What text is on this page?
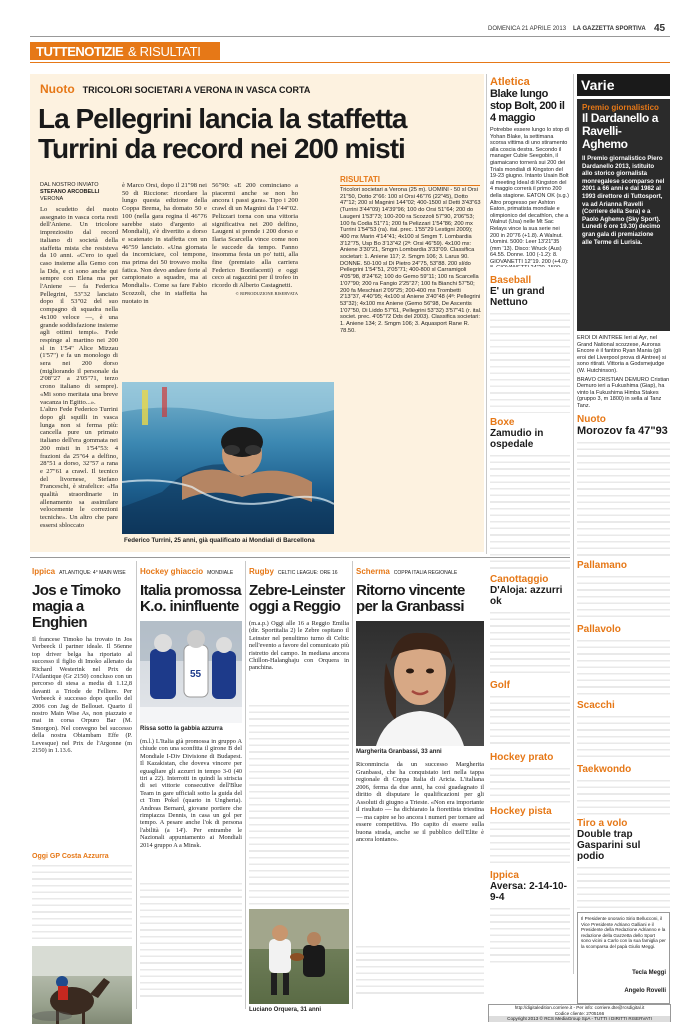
DOMENICA 21 APRILE 2013 LA GAZZETTA SPORTIVA 45
TUTTENOTIZIE & RISULTATI
Nuoto TRICOLORI SOCIETARI A VERONA IN VASCA CORTA
La Pellegrini lancia la staffetta
Turrini da record nei 200 misti
DAL NOSTRO INVIATO
STEFANO ARCOBELLI
VERONA
Lo scudetto del nuoto assegnato in vasca corta resti dell'Aniene. Un tricolore impreziosito dal record italiano di società della staffetta mista che resisteva da 10 anni. «C'ero io quel caso insieme alla Gemo con la Dds, e ci sono anche qui sempre con Elena ma per l'Aniene — fa Federica Pellegrini, 53"32 lanciato dopo il 53"02 del suo compagno di squadra nella 4x100 veloce —, è una grande soddisfazione insieme agli ottimi tempi». Fede respinge al martino nei 200 sl in 1'54" Alice Mizzau (1'57") e fa un monologo di sera nei 200 dorso (migliorando il personale da 2'08"27 a 2'05"71, terzo crono italiano di sempre). «Mi sono meritata una breve vacanza in Egitto...».
L'altro Fede Federico Turrini dopo gli squilli in vasca lunga non si ferma più: cancella pure un primato italiano dell'era gommata nei 200 misti in 1'54"53: 4 frazioni da 25"64 a delfino, 28"51 a dorso, 32"57 a rana e 27"61 a crawl. Il tecnico del livornese, Stefano Franceschi, è strafelice: «Ha qualità straordinarie in allenamento sa assimilare velocemente le correzioni tecniche». Un altro che pare essersi sbloccato
è Marco Orsi, dopo il 21"98 nei 50 di Riccione: ricordare la lungo questa edizione della Coppa Brema, ha domato 50 e 100 (nella gara regina il 46"76 sarebbe stato d'argento ai Mondiali), s'è divertito a dorso e scatenato in staffetta con un 46"59 lanciato. «Una giornata da incorniciare, col tempone, ma prima dei 50 trovavo molta fatica. Non devo andare forte al campionato a squadre, ma ai Mondiali». Come sa fare Fabio Scozzoli, che in staffetta ha nuotato in
56"90: «E 200 cominciano a piacermi anche se non ho ancora i passi gara». Tipo i 200 crawl di un Magnini da 1'44"02. Pelizzari torna con una vittoria significativa nei 200 delfino, Laugeni si prende i 200 dorso e Ilaria Scarcella vince come non le succede da tempo. Fanno insomma festa un po' tutti, alla fine (premiato alla carriera Federico Bonifacenti) e oggi ceco ai ragazzini per il trofeo in ricordo di Alberto Castagnetti.
© RIPRODUZIONE RISERVATA
Federico Turrini, 25 anni, già qualificato ai Mondiali di Barcellona
RISULTATI
Tricolori societari a Verona (25 m). UOMINI - 50 sl Orsi 21"50, Dotto 2"66: 100 sl Orsi 46"76 (22"45), Dotto 47"12; 200 sl Magnini 144"02; 400-1500 sl Detti 3'43"63 (Turrini 3'44"09) 14'39"96; 100 do Orsi 51"64; 200 do Laugeni 1'53"73; 100-200 ra Scozzoli 57"90, 2'06"53; 100 fa Codia 51"71; 200 fa Pelizzari 1'54"86; 200 mx Turrini 1'54"53 (ra). ital. prec. 1'55"29 Lestigni 2009); 400 mx Marin 4'14"41; 4x100 sl Smgm T. Lombardia 3'12"75, Usp Bo 3'13"42 (2ª: Orsi 46"59). 4x100 mx: Aniene 3'30"21, Smgm Lombardia 3'33"09. Classifica societari: 1. Aniene 117; 2. Smgm 106; 3. Larus 90. DONNE. 50-100 sl Di Pietro 24"75, 53"88. 200 sl/do Pellegrini 1'54"51, 2'05"71; 400-800 sl Carramigoli 4'05"98, 8'24"62; 100 do Gemo 59"11; 100 ra Scarcella 1'07"90; 200 ra Fangio 2'25"27; 100 fa Bianchi 57"50; 200 fa Meschiari 2'09"25; 200-400 mx Trombetti 2'13"37, 4'40"95; 4x100 sl Aniene 3'40"48 (4ª: Pellegrini 53"32); 4x100 mx Aniene (Gemo 56"98, De Ascentis 1'07"50, Di Liddo 57"61, Pellegrini 53"32) 3'57"41 (r. ital. societ. prec. 4'05"72 Dds del 2003). Classifica societari: 1. Aniene 134; 2. Smgm 106; 3. Aquasport Rane R. 78.50.
Atletica
Blake lungo stop Bolt, 200 il 4 maggio
Potrebbe essere lungo lo stop di Yohan Blake, la settimana scorsa vittima di uno stiramento alla coscia destra. Secondo il manager Cubie Seegobin, il giamaicano tornerà sui 200 dei Trials mondiali di Kingston del 19-23 giugno. Intanto Usain Bolt al meeting Ideal di Kingston del 4 maggio correrà il primo 200 della stagione. EATON OK (s.g.) Altro progresso per Ashton Eaton, primatista mondiale e olimpionico del decathlon, che a Walnut (Usa) nelle Mt Sac Relays vince la sua serie nei 200 in 20"76 (+1.8). A Walnut. Uomini. 5000: Leer 13'21"35 (mm '13). Disco: Wruck (Aus) 64.55. Donne. 100 (-1.2): 8. GIOVANETTI 12"19. 200 (+4.0):
Baseball
E' un grand Nettuno
Boxe
Zamudio in ospedale
Canottaggio
D'Aloja: azzurri ok
Golf
Hockey prato
Hockey pista
Ippica
Aversa: 2-14-10-9-4
Varie
Premio giornalistico
Il Dardanello a Ravelli-Aghemo
Il Premio giornalistico Piero Dardanello 2013, istituito allo storico giornalista monregalese scomparso nel 2001 a 66 anni e dal 1982 al 1993 direttore di Tuttosport, va ad Arianna Ravelli (Corriere della Sera) e a Paolo Aghemo (Sky Sport). Lunedì 6 ore 19.30) decimo gran gala di premiazione alle Terme di Lurisia.
EROI DI AINTREE Ieri al Ayr, nel Grand National scozzese, Auroras Encore è il fantino Ryan Mania (gli eroi del Liverpool prova di Aintree) si sono ritirati. Vittoria a Godsmejudge (W. Hutchinson).
BRAVO CRISTIAN DEMURO Cristian Demuro ieri a Fukushima (Giap), ha vinto la Fukushima Himba Stakes (gruppo 3, m 1800) in sella al Tanz Tanz.
Nuoto
Morozov fa 47"93
Pallamano
Pallavolo
Scacchi
Taekwondo
Tiro a volo
Double trap Gasparini sul podio
Il Presidente onorario Sirio Bellucconi, il Vice Presidente Adriano Galliani e il Presidente della Redazione Adrianno e la redazione della Gazzetta dello Sport sono vicini a Carlo con la sua famiglia per la scomparsa del papà Giulio Meggi.
Tecla Meggi
Angelo Rovelli
Ippica ATLANTIQUE: 4° MAIN WISE
Jos e Timoko magia a Enghien
Il francese Timoko ha trovato in Jos Verbeeck il partner ideale. Il 56enne top driver belga ha riportato al successo il figlio di Imoko allenato da Richard Westerink nel Prix de l'Atlantique (Gr 2150) concluso con un percorso di stesa a media di 1.12,8 davanti a Triode de Felliere. Per Verbeeck è successo dopo quello del 2006 con Jag de Bellouet. Quarto il nostro Main Wise As, non piazzato e mai in corsa Orpuro Bar (M. Smorgon). Nel convegno bel successo della nostra Obiambam Effe (P. Levesque) nel Prix de l'Argonne (m 2150) in 1.13.6.
Oggi GP Costa Azzurra
Hockey ghiaccio MONDIALE
Italia promossa K.o. ininfluente
55
Rissa sotto la gabbia azzurra
(m.l.) L'Italia già promossa in gruppo A chiude con una sconfitta il girone B del Mondiale I-Div Divisione di Budapest. Il Kazakistan, che doveva vincere per eguagliare gli azzurri in tempo 3-0 (40 tiri a 22). Interrotti in quindi la striscia di sei vittorie consecutive dell'Blue Team in gare ufficiali sotto la guida del ct Tom Pokel (quarto in Ungheria). Andreas Bernard, giovane portiere che rimpiazza Dennis, in casa un gol per tempo. A pesare anche l'ok di persona l'abilità (a 14'). Per entrambe le Nazionali appuntamento ai Mondiali 2014 gruppo A a Minsk.
Rugby CELTIC LEAGUE: ORE 16
Zebre-Leinster oggi a Reggio
(m.a.p.) Oggi alle 16 a Reggio Emilia (dir. Sportitalia 2) le Zebre ospitano il Leinster nel penultimo turno di Celtic nell'evento a favore del comunicato più ristretto del campo. In mediana ancora Chillon-Halanghaju con Orquera in panchina.
Luciano Orquera, 31 anni
Scherma COPPA ITALIA REGIONALE
Ritorno vincente per la Granbassi
Margherita Granbassi, 33 anni
Riconmincia da un successo Margherita Granbassi, che ha conquistato ieri nella tappa regionale di Coppa Italia di Aricia. L'italiana 2006, ferma da due anni, ha così guadagnato il diritto di disputare le qualificazioni per gli Assoluti di giugno a Trieste. «Non era importante il risultato — ha dichiarato la fiorettista triestina — ma capire se ho ancora i numeri per tornare ad essere competitiva. Ho capito di essere sulla buona strada, anche se il pubblico dell'Elite è ancora lontano».
http://digitaledition.corriere.it - Per info: corriere.dte@rcsdigital.it
Codice cliente: 2705166
Copyright 2013 © RCS MediaGroup SpA - TUTTI I DIRITTI RISERVATI
